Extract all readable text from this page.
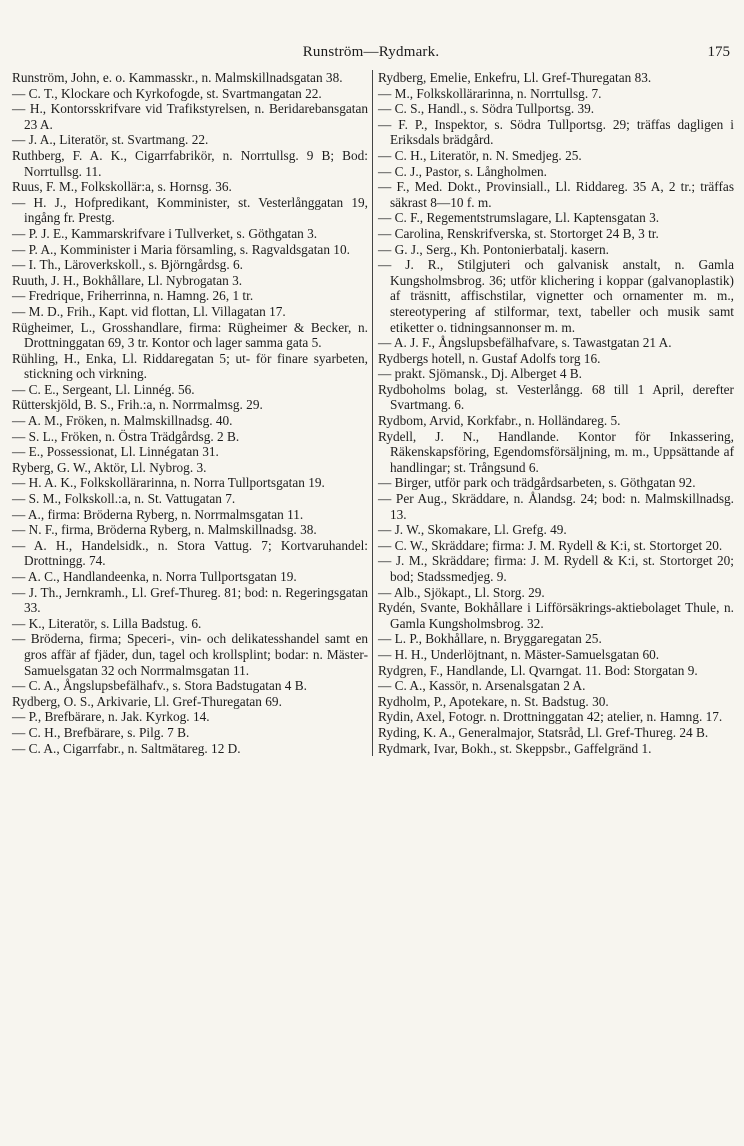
Runström—Rydmark.	175
Runström, John, e. o. Kammasskr., n. Malmskillnadsgatan 38.
— C. T., Klockare och Kyrkofogde, st. Svartmangatan 22.
— H., Kontorsskrifvare vid Trafikstyrelsen, n. Beridarebansgatan 23 A.
— J. A., Literatör, st. Svartmang. 22.
Ruthberg, F. A. K., Cigarrfabrikör, n. Norrtullsg. 9 B; Bod: Norrtullsg. 11.
Ruus, F. M., Folkskollär:a, s. Hornsg. 36.
— H. J., Hofpredikant, Komminister, st. Vesterlånggatan 19, ingång fr. Prestg.
— P. J. E., Kammarskrifvare i Tullverket, s. Göthgatan 3.
— P. A., Komminister i Maria församling, s. Ragvaldsgatan 10.
— I. Th., Läroverkskoll., s. Björngårdsg. 6.
Ruuth, J. H., Bokhållare, Ll. Nybrogatan 3.
— Fredrique, Friherrinna, n. Hamng. 26, 1 tr.
— M. D., Frih., Kapt. vid flottan, Ll. Villagatan 17.
Rügheimer, L., Grosshandlare, firma: Rügheimer & Becker, n. Drottninggatan 69, 3 tr. Kontor och lager samma gata 5.
Rühling, H., Enka, Ll. Riddaregatan 5; ut- för finare syarbeten, stickning och virkning.
— C. E., Sergeant, Ll. Linnég. 56.
Rütterskjöld, B. S., Frih.:a, n. Norrmalmsg. 29.
— A. M., Fröken, n. Malmskillnadsg. 40.
— S. L., Fröken, n. Östra Trädgårdsg. 2 B.
— E., Possessionat, Ll. Linnégatan 31.
Ryberg, G. W., Aktör, Ll. Nybrog. 3.
— H. A. K., Folkskollärarinna, n. Norra Tullportsgatan 19.
— S. M., Folkskoll.:a, n. St. Vattugatan 7.
— A., firma: Bröderna Ryberg, n. Norrmalmsgatan 11.
— N. F., firma, Bröderna Ryberg, n. Malmskillnadsg. 38.
— A. H., Handelsidk., n. Stora Vattug. 7; Kortvaruhandel: Drottningg. 74.
— A. C., Handlandeenka, n. Norra Tullportsgatan 19.
— J. Th., Jernkramh., Ll. Gref-Thureg. 81; bod: n. Regeringsgatan 33.
— K., Literatör, s. Lilla Badstug. 6.
— Bröderna, firma; Speceri-, vin- och delikatesshandel samt en gros affär af fjäder, dun, tagel och krollsplint; bodar: n. Mäster-Samuelsgatan 32 och Norrmalmsgatan 11.
— C. A., Ångslupsbefälhafv., s. Stora Badstugatan 4 B.
Rydberg, O. S., Arkivarie, Ll. Gref-Thuregatan 69.
— P., Brefbärare, n. Jak. Kyrkog. 14.
— C. H., Brefbärare, s. Pilg. 7 B.
— C. A., Cigarrfabr., n. Saltmätareg. 12 D.
Rydberg, Emelie, Enkefru, Ll. Gref-Thuregatan 83.
— M., Folkskollärarinna, n. Norrtullsg. 7.
— C. S., Handl., s. Södra Tullportsg. 39.
— F. P., Inspektor, s. Södra Tullportsg. 29; träffas dagligen i Eriksdals brädgård.
— C. H., Literatör, n. N. Smedjeg. 25.
— C. J., Pastor, s. Långholmen.
— F., Med. Dokt., Provinsiall., Ll. Riddareg. 35 A, 2 tr.; träffas säkrast 8—10 f. m.
— C. F., Regementstrumslagare, Ll. Kaptensgatan 3.
— Carolina, Renskrifverska, st. Stortorget 24 B, 3 tr.
— G. J., Serg., Kh. Pontonierbatalj. kasern.
— J. R., Stilgjuteri och galvanisk anstalt, n. Gamla Kungsholmsbrog. 36; utför klichering i koppar (galvanoplastik) af träsnitt, affischstilar, vignetter och ornamenter m. m., stereotypering af stilformar, text, tabeller och musik samt etiketter o. tidningsannonser m. m.
— A. J. F., Ångslupsbefälhafvare, s. Tawastgatan 21 A.
Rydbergs hotell, n. Gustaf Adolfs torg 16.
— prakt. Sjömansk., Dj. Alberget 4 B.
Rydboholms bolag, st. Vesterlångg. 68 till 1 April, derefter Svartmang. 6.
Rydbom, Arvid, Korkfabr., n. Holländareg. 5.
Rydell, J. N., Handlande. Kontor för Inkassering, Räkenskapsföring, Egendomsförsäljning, m. m., Uppsättande af handlingar; st. Trångsund 6.
— Birger, utför park och trädgårdsarbeten, s. Göthgatan 92.
— Per Aug., Skräddare, n. Ålandsg. 24; bod: n. Malmskillnadsg. 13.
— J. W., Skomakare, Ll. Grefg. 49.
— C. W., Skräddare; firma: J. M. Rydell & K:i, st. Stortorget 20.
— J. M., Skräddare; firma: J. M. Rydell & K:i, st. Stortorget 20; bod; Stadssmedjeg. 9.
— Alb., Sjökapt., Ll. Storg. 29.
Rydén, Svante, Bokhållare i Lifförsäkrings-aktiebolaget Thule, n. Gamla Kungsholmsbrog. 32.
— L. P., Bokhållare, n. Bryggaregatan 25.
— H. H., Underlöjtnant, n. Mäster-Samuelsgatan 60.
Rydgren, F., Handlande, Ll. Qvarngat. 11. Bod: Storgatan 9.
— C. A., Kassör, n. Arsenalsgatan 2 A.
Rydholm, P., Apotekare, n. St. Badstug. 30.
Rydin, Axel, Fotogr. n. Drottninggatan 42; atelier, n. Hamng. 17.
Ryding, K. A., Generalmajor, Statsråd, Ll. Gref-Thureg. 24 B.
Rydmark, Ivar, Bokh., st. Skeppsbr., Gaffelgränd 1.
